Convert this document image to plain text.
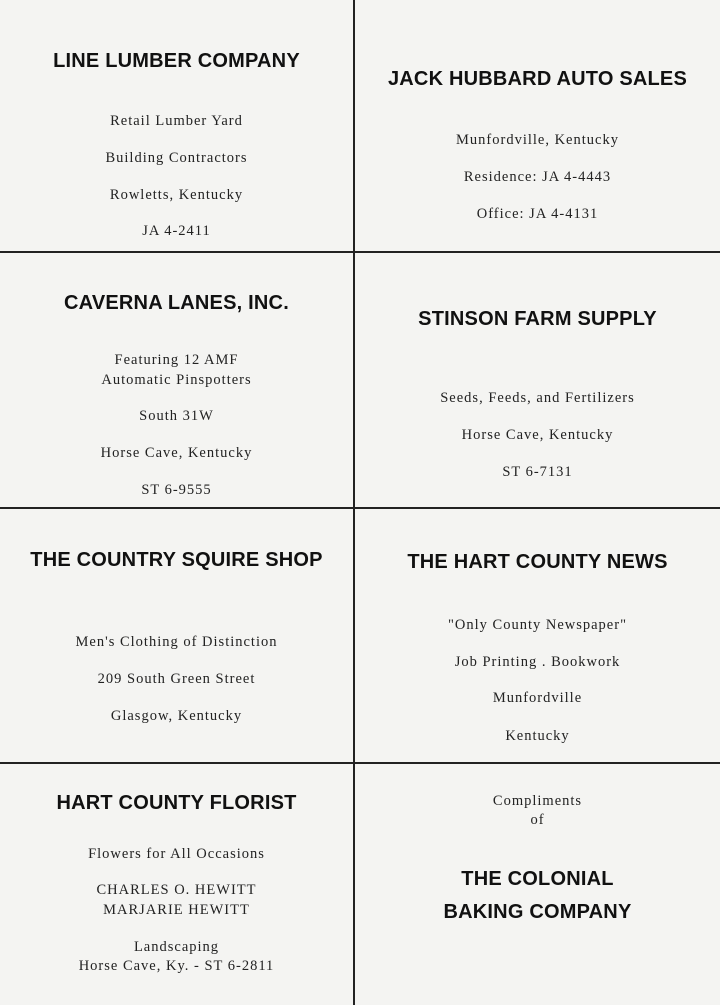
LINE LUMBER COMPANY
Retail Lumber Yard
Building Contractors
Rowletts, Kentucky
JA 4-2411
JACK HUBBARD AUTO SALES
Munfordville, Kentucky
Residence: JA 4-4443
Office: JA 4-4131
CAVERNA LANES, INC.
Featuring 12 AMF
Automatic Pinspotters
South 31W
Horse Cave, Kentucky
ST 6-9555
STINSON FARM SUPPLY
Seeds, Feeds, and Fertilizers
Horse Cave, Kentucky
ST 6-7131
THE COUNTRY SQUIRE SHOP
Men's Clothing of Distinction
209 South Green Street
Glasgow, Kentucky
THE HART COUNTY NEWS
"Only County Newspaper"
Job Printing . Bookwork
Munfordville
Kentucky
HART COUNTY FLORIST
Flowers for All Occasions
CHARLES O. HEWITT
MARJARIE HEWITT
Landscaping
Horse Cave, Ky. - ST 6-2811
Compliments
of
THE COLONIAL
BAKING COMPANY
